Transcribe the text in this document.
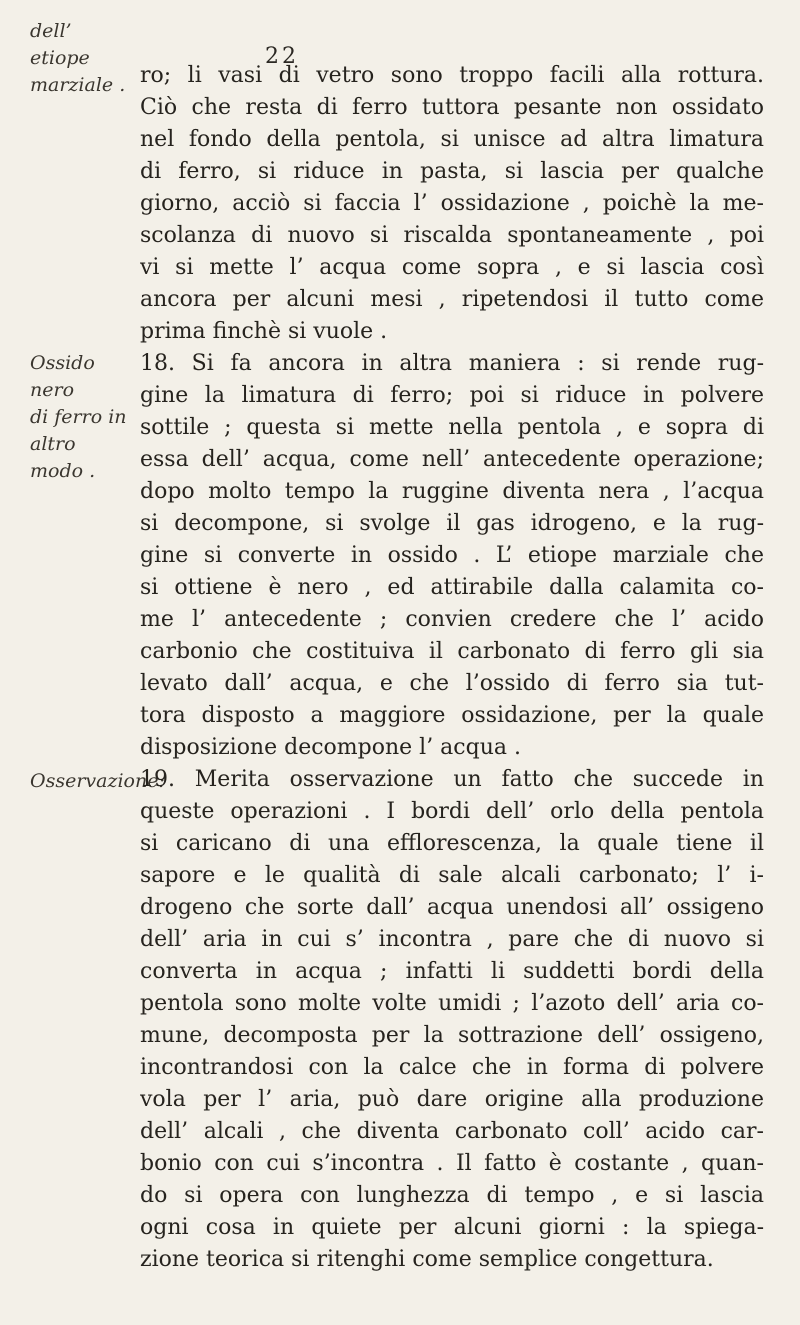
22
dell’ etiope
marziale .
Ossido nero
di ferro in
altro modo .
Osservazione:
ro; li vasi di vetro sono troppo facili alla rottura.
Ciò che resta di ferro tuttora pesante non ossidato
nel fondo della pentola, si unisce ad altra limatura
di ferro, si riduce in pasta, si lascia per qualche
giorno, acciò si faccia l’ ossidazione , poichè la me-
scolanza di nuovo si riscalda spontaneamente , poi
vi si mette l’ acqua come sopra , e si lascia così
ancora per alcuni mesi , ripetendosi il tutto come
prima finchè si vuole .
18. Si fa ancora in altra maniera : si rende rug-
gine la limatura di ferro; poi si riduce in polvere
sottile ; questa si mette nella pentola , e sopra di
essa dell’ acqua, come nell’ antecedente operazione;
dopo molto tempo la ruggine diventa nera , l’acqua
si decompone, si svolge il gas idrogeno, e la rug-
gine si converte in ossido . L’ etiope marziale che
si ottiene è nero , ed attirabile dalla calamita co-
me l’ antecedente ; convien credere che l’ acido
carbonio che costituiva il carbonato di ferro gli sia
levato dall’ acqua, e che l’ossido di ferro sia tut-
tora disposto a maggiore ossidazione, per la quale
disposizione decompone l’ acqua .
19. Merita osservazione un fatto che succede in
queste operazioni . I bordi dell’ orlo della pentola
si caricano di una efflorescenza, la quale tiene il
sapore e le qualità di sale alcali carbonato; l’ i-
drogeno che sorte dall’ acqua unendosi all’ ossigeno
dell’ aria in cui s’ incontra , pare che di nuovo si
converta in acqua ; infatti li suddetti bordi della
pentola sono molte volte umidi ; l’azoto dell’ aria co-
mune, decomposta per la sottrazione dell’ ossigeno,
incontrandosi con la calce che in forma di polvere
vola per l’ aria, può dare origine alla produzione
dell’ alcali , che diventa carbonato coll’ acido car-
bonio con cui s’incontra . Il fatto è costante , quan-
do si opera con lunghezza di tempo , e si lascia
ogni cosa in quiete per alcuni giorni : la spiega-
zione teorica si ritenghi come semplice congettura.
